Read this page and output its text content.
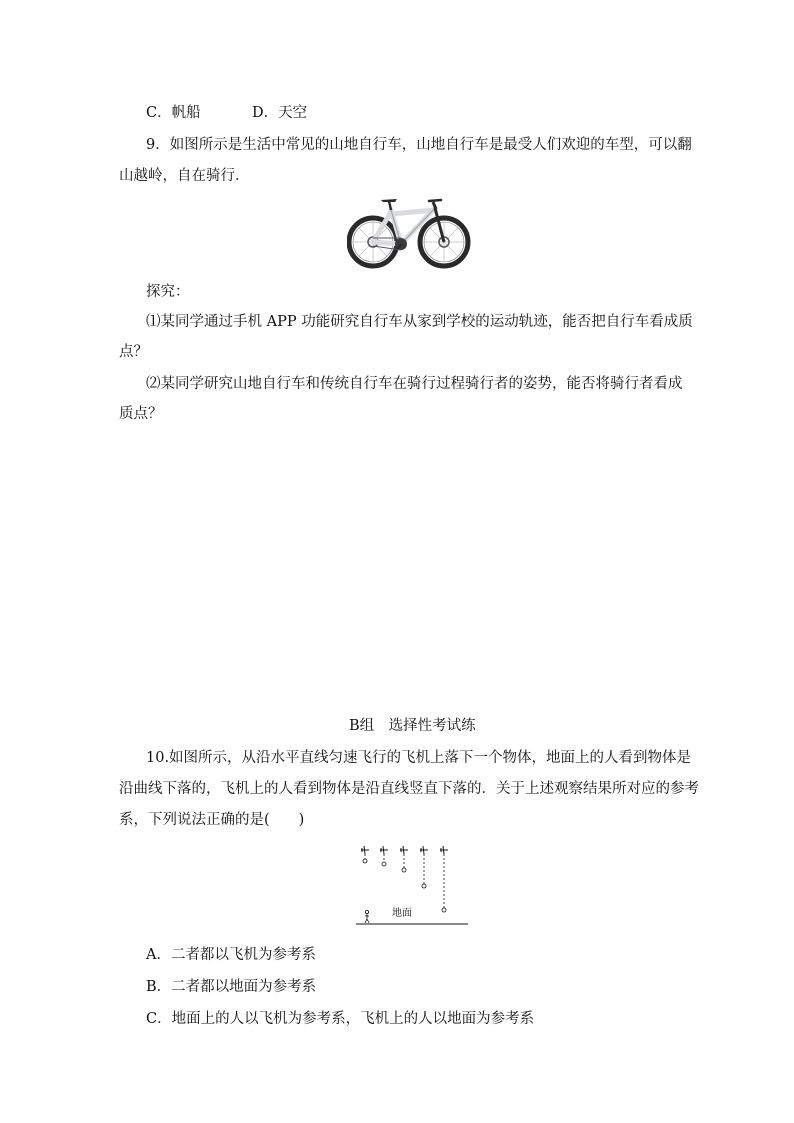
C．帆船	D．天空
9．如图所示是生活中常见的山地自行车，山地自行车是最受人们欢迎的车型，可以翻
山越岭，自在骑行．
探究：
⑴某同学通过手机 APP 功能研究自行车从家到学校的运动轨迹，能否把自行车看成质
点？
⑵某同学研究山地自行车和传统自行车在骑行过程骑行者的姿势，能否将骑行者看成
质点？
B组　选择性考试练
10.如图所示，从沿水平直线匀速飞行的飞机上落下一个物体，地面上的人看到物体是
沿曲线下落的，飞机上的人看到物体是沿直线竖直下落的．关于上述观察结果所对应的参考
系，下列说法正确的是(　　)
地面
A．二者都以飞机为参考系
B．二者都以地面为参考系
C．地面上的人以飞机为参考系，飞机上的人以地面为参考系
